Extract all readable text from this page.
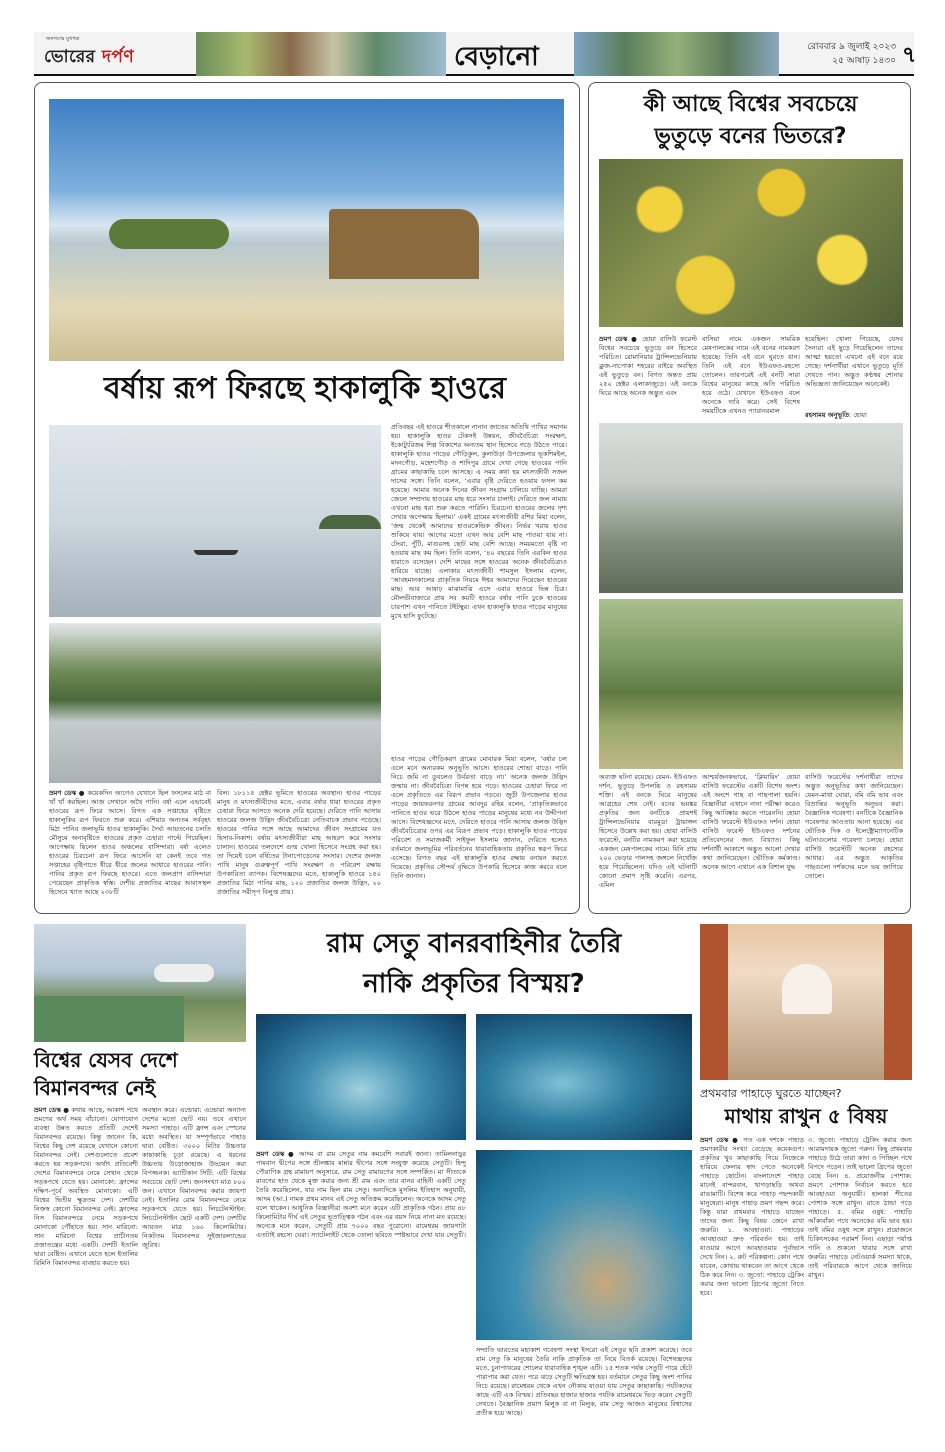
জনগণের মুখপত্র
ভোরের দর্পণ	বেড়ানো	রোববার ৯ জুলাই ২০২৩
২৫ আষাঢ় ১৪৩০ ৭
বর্ষায় রূপ ফিরছে হাকালুকি হাওরে
প্রতিবছর এই হাওরে শীতকালে নানান জাতের অতিথি পাখির সমাগম হয়। হাকালুকি হাওর টেকসই উন্নয়ন, জীববৈচিত্র্য সংরক্ষণ, ইকোট্যুরিজম শিল্প বিকাশের অন্যতম স্থান হিসেবে গড়ে উঠতে পারে। হাকালুকি হাওর পাড়ের গৌড়িকুল, কুলাউড়া উপজেলার ভূকশিমইল, মদনগৌড়, মহেশগৌড় ও শাদিপুর গ্রামে দেখা গেছে হাওরের পানি গ্রামের কাছাকাছি চলে আসছে। এ সময় কথা হয় মৎস্যজীবী সজল দাসের সঙ্গে। তিনি বলেন, ‘এবার বৃষ্টি দেরিতে হওয়ায় ফসল কম হয়েছে। আমার অনেক দিনের জীবন সংগ্রাম চালিয়ে যাচ্ছি। আমরা জেলে সম্প্রদায় হাওরের মাছ ধরে সংসার চালাই। দেরিতে জল নামায় এখনো মাছ ধরা শুরু করতে পারিনি। চিরচেনা হাওরের জলের দৃশ্য দেখার অপেক্ষায় ছিলাম।’ একই গ্রামের মৎস্যজীবী বশির মিয়া বলেন, ‘জন্ম থেকেই আমাদের হাওরকেন্দ্রিক জীবন। নির্ভর খরায় হাওর শুকিয়ে যায়। আগের মতো এখন আর বেশি মাছ পাওয়া যায় না। টেংরা, পুঁটি, মাগুরসহ ছোট মাছ বেশি আছে। সময়মতো বৃষ্টি না হওয়ায় মাছ কম ছিল। তিনি বলেন, ‘৪০ বছরের তিনি এরকিন হাওর হারাতে বসেছেন। দেশি মাছের সঙ্গে হাওরের অনেক জীববৈচিত্র্যও হারিয়ে যাচ্ছে। এলাকার মৎস্যজীবী শামসুল ইসলাম বলেন, ‘আবহমানকালের প্রাকৃতিক নিয়মে ঈশ্বর আমাদের দিয়েছেন হাওরের মাছ। আর আষাঢ় মাঝামাঝি এসে এবার হাওরে ভিন্ন চিত্র। মৌলভীবাজারে প্রায় সব কয়টি হাওরে বর্ষার পানি ঢুকে হাওরের চারপাশ এখন পানিতে টইটম্বুর। এখন হাকালুকি হাওর পাড়ের মানুষের মুখে হাসি ফুটেছে।
হাওর পাড়ের গৌড়িকরণ গ্রামের মোবারক মিয়া বলেন, ‘বর্ষার চল এলে মনে অন্যরকম অনুভূতি আসে। হাওরের শোভা বাড়ে। পানি নিচে জমি না ডুবলেও উর্বরতা বাড়ে না।’ অনেক জলজ উদ্ভিদ জন্মায় না। জীববৈচিত্র্য বিপন্ন হয়ে পড়ে। হাওরের চেহারা ফিরে না এলে প্রকৃতিতে এর বিরূপ প্রভাব পড়বে। জুড়ী উপজেলার হাওর পাড়ের জায়ফরনগর গ্রামের আবদুর রহিম বলেন, ‘প্রাকৃতিকভাবে পানিতে হাওর ভরে উঠলে হাওর পাড়ের মানুষের মধ্যে নব উদ্দীপনা আসে। বিশেষজ্ঞদের মতে, দেরিতে হাওরে পানি আসায় জলজ উদ্ভিদ জীববৈচিত্র্যের ওপর এর বিরূপ প্রভাব পড়ে। হাকালুকি হাওর পাড়ের পরিবেশ ও সমাজকর্মী সাইফুল ইসলাম জানান, দেরিতে হলেও বর্তমানে জলাভূমির পরিবর্তনের ধারাবাহিকতায় প্রকৃতির স্বরূপ ফিরে এসেছে। বিগত বছর এই হাকালুকি হাওর রক্ষায় বনায়ন করতে দিয়েছে। প্রকৃতির সৌন্দর্য বৃদ্ধিতে উপকারি হিসেবে কাজ করবে বলে তিনি জানান।
ভ্রমণ ডেস্ক ● কয়েকদিন আগেও যেখানে ছিল ফসলের মাঠ বা খাঁ খাঁ করছিল। আজ সেখানে অথৈ পানি। বর্ষা এলে এভাবেই হাওরের রূপ ফিরে আসে। বিগত এক সপ্তাহের বৃষ্টিতে হাকালুকির রূপ ফিরতে শুরু করে। এশিয়ার অন্যতম সর্ববৃহৎ মিঠা পানির জলাভূমি হাওর হাকালুকি। দৈর্ঘ্য আয়তনের চলতি মৌসুমে অনাবৃষ্টিতে হাওরের প্রকৃত চেহারা পাল্টে গিয়েছিল। আপেক্ষায় ছিলেন হাওর অঞ্চলের বাসিন্দারা। বর্ষা এলেও হাওরের চিরচেনা রূপ ফিরে আসেনি যা কেনই তবে গত সপ্তাহের বৃষ্টিপাতে ধীরে ধীরে জলের আধারে হাওরের পানি। পানির প্রকৃত রূপ ফিরছে হাওরে। এতে জলপ্রাণ বাসিন্দারা পেয়েছেন প্রাকৃতিক স্বস্তি। দেশীয় প্রজাতির মাছের আবাসস্থল হিসেবে খ্যাত আছে ২৩৮টি
বিল। ১৮১১৫ হেক্টর ভূমিতে হাওরের অবস্থান। হাওর পাড়ের মানুষ ও মৎস্যজীবীদের মতে, এবার বর্ষার ধারা হাওরের প্রকৃত চেহারা ফিরে আসতে অনেক দেরি হয়েছে। দেরিতে পানি আসায় হাওরের জলজ উদ্ভিদ জীববৈচিত্র্যে নেতিবাচক প্রভাব পড়েছে। হাওরের পানির সঙ্গে আছে আমাদের জীবন সংগ্রামের যত হিসাব-নিকাশ। বর্ষায় মৎস্যজীবীরা মাছ আহরণ করে সংসার চালান। হাওরের তলদেশে গুল্ম খোলা হিসেবে সংগ্রহ করা হয়। তা দিয়েই চলে বর্ষিতের টানাপোড়েনের সংসার। দেশের জলজ পাখি মানুষ গুরুত্বপূর্ণ পাখি সংরক্ষণ ও পরিবেশ রক্ষায় উপকারিতা ব্যাপক। বিশেষজ্ঞদের মতে, হাকালুকি হাওরে ১৫০ প্রজাতির মিঠা পানির মাছ, ১২০ প্রজাতির জলজ উদ্ভিদ, ২০ প্রজাতির সরীসৃপ বিলুপ্ত প্রায়।
কী আছে বিশ্বের সবচেয়ে
ভুতুড়ে বনের ভিতরে?
ভ্রমণ ডেস্ক ● হোয়া বাসিউ ফরেস্ট বিশ্বের সবচেয়ে ভুতুড়ে বন হিসেবে পরিচিত। রোমানিয়ার ট্রান্সিলভেনিয়ায় ক্লুজ-নাপোকা শহরের বাইরে অবস্থিত এই ভুতুড়ে বন। বিগত অন্তত প্রায় ২৫০ হেক্টর এলাকাজুড়ে। এই বনকে ঘিরে আছে অনেক অদ্ভুত এবং
বাসিয়া নামে একজন সামরিক মেষপালকের নামে এই বনের নামকরণ হয়েছে। তিনি এই বনে ঘুরতে যান। তিনি এই বনে ইউএফও-রহস্যে তোলেন। তারপরেই এই বনটি সারা বিশ্বের মানুষের কাছে অতি পরিচিত হয়ে ওঠে। যেখানে ইউএফও বলে অনেকে দাবি করে। সেই বিশেষ সময়টিকে এখনও প্যারানরমাল
হয়েছিল। খোলা গিয়েছে, যেসব সৈন্যরা এই ছুড়ে গিয়েছিলেন তাদের আত্মা হয়তো এখনো এই বনে রয়ে গেছে। দর্শনার্থীরা এখানে ভুতুড়ে মূর্তি দেখতে পান। অদ্ভুত কণ্ঠস্বর শোনার অভিজ্ঞতা জানিয়েছেন অনেকেই।
রহস্যময় অনুভূতি: হোয়া
অব্যক্ত ঘটনা রয়েছে। যেমন- ইউএফও দর্শন, ভুতুড়ে উপলব্ধি ও রহস্যময় শক্তি। এই বনকে ঘিরে মানুষের আগ্রহের শেষ নেই। বনের ভয়ঙ্কর প্রকৃতির জন্য বনটিকে প্রায়শই ট্রান্সিলভেনিয়ার বারমুডা ট্রায়াঙ্গল হিসেবে উল্লেখ করা হয়। হোয়া বাসিউ ফরেস্টে, বনটির নামকরণ করা হয়েছে একজন মেষপালকের নামে। যিনি প্রায় ২০০ ভেড়ার পালসহ জঙ্গলে নিখোঁজ হয়ে গিয়েছিলেন। যদিও এই ঘটনাটি কোনো প্রমাণ সৃষ্টি করেনি। এরপর, এমিল
আশ্চর্যজনকভাবে, ‘ক্লিয়ারিং’ হোয়া বাসিউ ফরেস্টের একটি বিশেষ অংশ। এই অংশে গাছ বা গাছপালা হয়নি। বিজ্ঞানীরা এখানে নানা পরীক্ষা করেও কিছু আবিষ্কার করতে পারেননি। হোয়া বাসিউ ফরেস্টে ইউএফও দর্শন। হোয়া বাসিউ ফরেস্ট ইউএফও দর্শনের প্রতিবেদনের জন্য বিখ্যাত। কিছু দর্শনার্থী আকাশে অদ্ভুত আলো দেখার কথা জানিয়েছেন। ভৌতিক কর্মকাণ্ড। অনেক আগে এখানে এক বিশাল যুদ্ধ
বাসিউ ফরেস্টের দর্শনার্থীরা তাদের অদ্ভুত অনুভূতির কথা জানিয়েছেন। যেমন-মাথা ঘোরা, বমি বমি ভাব এবং বিভ্রান্তির অনুভূতি অনুভব করা। বৈজ্ঞানিক গবেষণা। বনটিকে বৈজ্ঞানিক গবেষণার আওতায় আনা হয়েছে। এর ভৌতিক দিক ও ইলেক্ট্রোম্যাগনেটিক ঘটনাগুলোর গবেষণা চলছে। হোয়া বাসিউ ফরেস্টটি অনেক রহস্যের আধার। এর অদ্ভুত আকৃতির গাছগুলো দর্শকদের মনে ভয় জাগিয়ে তোলে।
বিশ্বের যেসব দেশে
বিমানবন্দর নেই
ভ্রমণ ডেস্ক ● কথায় আছে, আকাশ পথে ভ্রমণের অর্থ সময় বাঁচানো। যোগাযোগ ব্যবস্থা উন্নত করতে প্রতিটি দেশেই বিমানবন্দর রয়েছে। কিন্তু জানেন কি, বিশ্বের কিছু দেশ রয়েছে যেখানে কোনো বিমানবন্দর নেই। দেশগুলোতে প্রবেশ করতে হয় সড়কপথে। অর্থাৎ প্রতিবেশী দেশের বিমানবন্দরে নেমে সেখান থেকে সড়কপথে যেতে হয়। মোনাকো: ফ্রান্সের দক্ষিণ-পূর্বে অবস্থিত মোনাকো। এটি বিশ্বের দ্বিতীয় ক্ষুদ্রতম দেশ। দেশটির নিজস্ব কোনো বিমানবন্দর নেই। ফ্রান্সের নিস বিমানবন্দরে নেমে সড়কপথে মোনাকো পৌঁছাতে হয়। সান মারিনো: সান মারিনো বিশ্বের প্রাচীনতম প্রজাতন্ত্রের মধ্যে একটি। দেশটি ইতালি দ্বারা বেষ্টিত। এখানে যেতে হলে ইতালির রিমিনি বিমানবন্দর ব্যবহার করতে হয়।
অবস্থান করে। এন্ডোরা: এন্ডোরা অন্যান্য দেশের মতো ছোট নয়। তবে এখানে সমস্যা পাহাড়। এটি ফ্রান্স এবং স্পেনের মধ্যে অবস্থিত। যা সম্পূর্ণভাবে পাহাড় দ্বারা বেষ্টিত। ৩০০০ মিটার উচ্চতার কাছাকাছি চূড়া রয়েছে। এ ধরনের উচ্চতায় উড়োজাহাজ উড্ডয়ন করা বিপজ্জনক। ভ্যাটিকান সিটি: এটি বিশ্বের সবচেয়ে ছোট দেশ। জনসংখ্যা মাত্র ৮০০ জন। এখানে বিমানবন্দর করার জায়গা নেই। ইতালির রোম বিমানবন্দরে নেমে সড়কপথে যেতে হয়। লিচটেনস্টাইন: লিচটেনস্টাইন ছোট একটি দেশ। দেশটির আয়তন মাত্র ১৬০ কিলোমিটার। নিকটতম বিমানবন্দর সুইজারল্যান্ডের জুরিখ।
রাম সেতু বানরবাহিনীর তৈরি
নাকি প্রকৃতির বিস্ময়?
ভ্রমণ ডেস্ক ● আদম বা রাম সেতুর নাম কমবেশি সবারই জানা। তামিলনাড়ুর পামবান দ্বীপের সঙ্গে শ্রীলঙ্কার মান্নার দ্বীপের সঙ্গে সংযুক্ত করেছে সেতুটি। হিন্দু পৌরাণিক গ্রন্থ রামায়ণ অনুসারে, রাম সেতু রামায়ণের সঙ্গে সম্পর্কিত। মা সীতাকে রাবণের হাত থেকে মুক্ত করার জন্য শ্রী রাম এবং তার বানর বাহিনী একটি সেতু তৈরি করেছিলেন, যার নাম ছিল রাম সেতু। অন্যদিকে মুসলিম ইতিহাস অনুযায়ী, আদম (আ.) নামক প্রথম মানব এই সেতু অতিক্রম করেছিলেন। অনেকে আদম সেতু বলে থাকেন। আধুনিক বিজ্ঞানীরা অবশ্য মনে করেন এটি প্রাকৃতিক গঠন। প্রায় ৪৮ কিলোমিটার দীর্ঘ এই সেতুর ভূতাত্ত্বিক গঠন এবং এর বয়স নিয়ে নানা মত রয়েছে। অনেকে মনে করেন, সেতুটি প্রায় ৭০০০ বছর পুরোনো। রামেশ্বরম জায়গাটা এতটাই রহস্যে ঘেরা। স্যাটেলাইট থেকে তোলা ছবিতে স্পষ্টভাবে দেখা যায় সেতুটি।
সম্প্রতি ভারতের মহাকাশ গবেষণা সংস্থা ইসরো এই সেতুর ছবি প্রকাশ করেছে। তবে রাম সেতু কি মানুষের তৈরি নাকি প্রাকৃতিক তা নিয়ে বিতর্ক রয়েছে। বিশেষজ্ঞদের মতে, চুনাপাথরের শোলের ধারাবাহিক শৃঙ্খল এটি। ১৫ শতক পর্যন্ত সেতুটি পায়ে হেঁটে পারাপার করা যেত। পরে ঝড়ে সেতুটি ক্ষতিগ্রস্ত হয়। বর্তমানে সেতুর কিছু অংশ পানির নিচে রয়েছে। রামেশ্বরম থেকে এখন নৌকায় যাওয়া যায় সেতুর কাছাকাছি। পর্যটকদের কাছে এটি এক বিস্ময়। প্রতিবছর হাজার হাজার পর্যটক রামেশ্বরমে ভিড় করেন সেতুটি দেখতে। বৈজ্ঞানিক প্রমাণ মিলুক বা না মিলুক, রাম সেতু আজও মানুষের বিশ্বাসের প্রতীক হয়ে আছে।
প্রথমবার পাহাড়ে ঘুরতে যাচ্ছেন?
মাথায় রাখুন ৫ বিষয়
ভ্রমণ ডেস্ক ● গত এক দশকে পাহাড় ভ্রমণকারীর সংখ্যা বেড়েছে কয়েকগুণ। প্রকৃতির খুব কাছাকাছি গিয়ে নিজেকে হারিয়ে ফেলার স্বাদ পেতে অনেকেই পাহাড়ে ছোটেন। বাংলাদেশে পাহাড় মানেই বান্দরবান, খাগড়াছড়ি অথবা রাঙামাটি। বিশেষ করে পাহাড় পছন্দকারী মানুষেরা। মানুষ পাহাড় ভ্রমণ পছন্দ করে। কিন্তু যারা প্রথমবার পাহাড়ে যাচ্ছেন তাদের জন্য কিছু বিষয় জেনে রাখা জরুরি। ১. আবহাওয়া: পাহাড়ের আবহাওয়া দ্রুত পরিবর্তন হয়। তাই যাওয়ার আগে আবহাওয়ার পূর্বাভাস দেখে নিন। ২. রুট পরিকল্পনা: কোন পথে যাবেন, কোথায় থাকবেন তা আগে থেকে ঠিক করে নিন। ৩. জুতো: পাহাড়ে ট্রেকিং করার জন্য ভালো গ্রিপের জুতো নিতে হবে।
৩. জুতো: পাহাড়ে ট্রেকিং করার জন্য আরামদায়ক জুতো পরুন। কিছু প্রথমবার পাহাড়ে উঠে তারা কাদা ও পিচ্ছিল পথে বিপদে পড়েন। তাই ভালো গ্রিপের জুতো বেছে নিন। ৪. প্রয়োজনীয় পোশাক: ভ্রমণে পোশাক নির্বাচন করতে হবে আবহাওয়া অনুযায়ী। হালকা শীতের পোশাক সঙ্গে রাখুন। রাতে ঠান্ডা পড়ে পাহাড়ে। ৫. বমির ওষুধ: পাহাড়ি আঁকাবাঁকা পথে অনেকের বমি ভাব হয়। তাই বমির ওষুধ সঙ্গে রাখুন। প্রয়োজনে চিকিৎসকের পরামর্শ নিন। এছাড়া পর্যাপ্ত পানি ও শুকনো খাবার সঙ্গে রাখা জরুরি। পাহাড়ে নেটওয়ার্ক সমস্যা থাকে, তাই পরিবারকে আগে থেকে জানিয়ে রাখুন।
